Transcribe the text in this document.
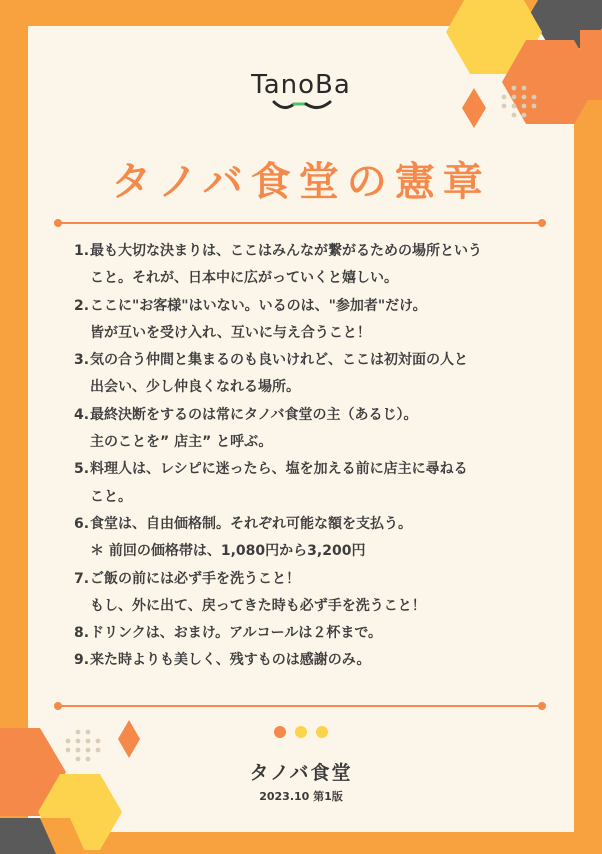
TanoBa
タノバ食堂の憲章
1. 最も大切な決まりは、ここはみんなが繋がるための場所という
こと。それが、日本中に広がっていくと嬉しい。
2. ここに"お客様"はいない。いるのは、"参加者"だけ。
皆が互いを受け入れ、互いに与え合うこと！
3. 気の合う仲間と集まるのも良いけれど、ここは初対面の人と
出会い、少し仲良くなれる場所。
4. 最終決断をするのは常にタノバ食堂の主（あるじ）。
主のことを” 店主” と呼ぶ。
5. 料理人は、レシピに迷ったら、塩を加える前に店主に尋ねる
こと。
6. 食堂は、自由価格制。それぞれ可能な額を支払う。
＊ 前回の価格帯は、1,080円から3,200円
7. ご飯の前には必ず手を洗うこと！
もし、外に出て、戻ってきた時も必ず手を洗うこと！
8. ドリンクは、おまけ。アルコールは２杯まで。
9. 来た時よりも美しく、残すものは感謝のみ。
タノバ食堂
2023.10 第1版
